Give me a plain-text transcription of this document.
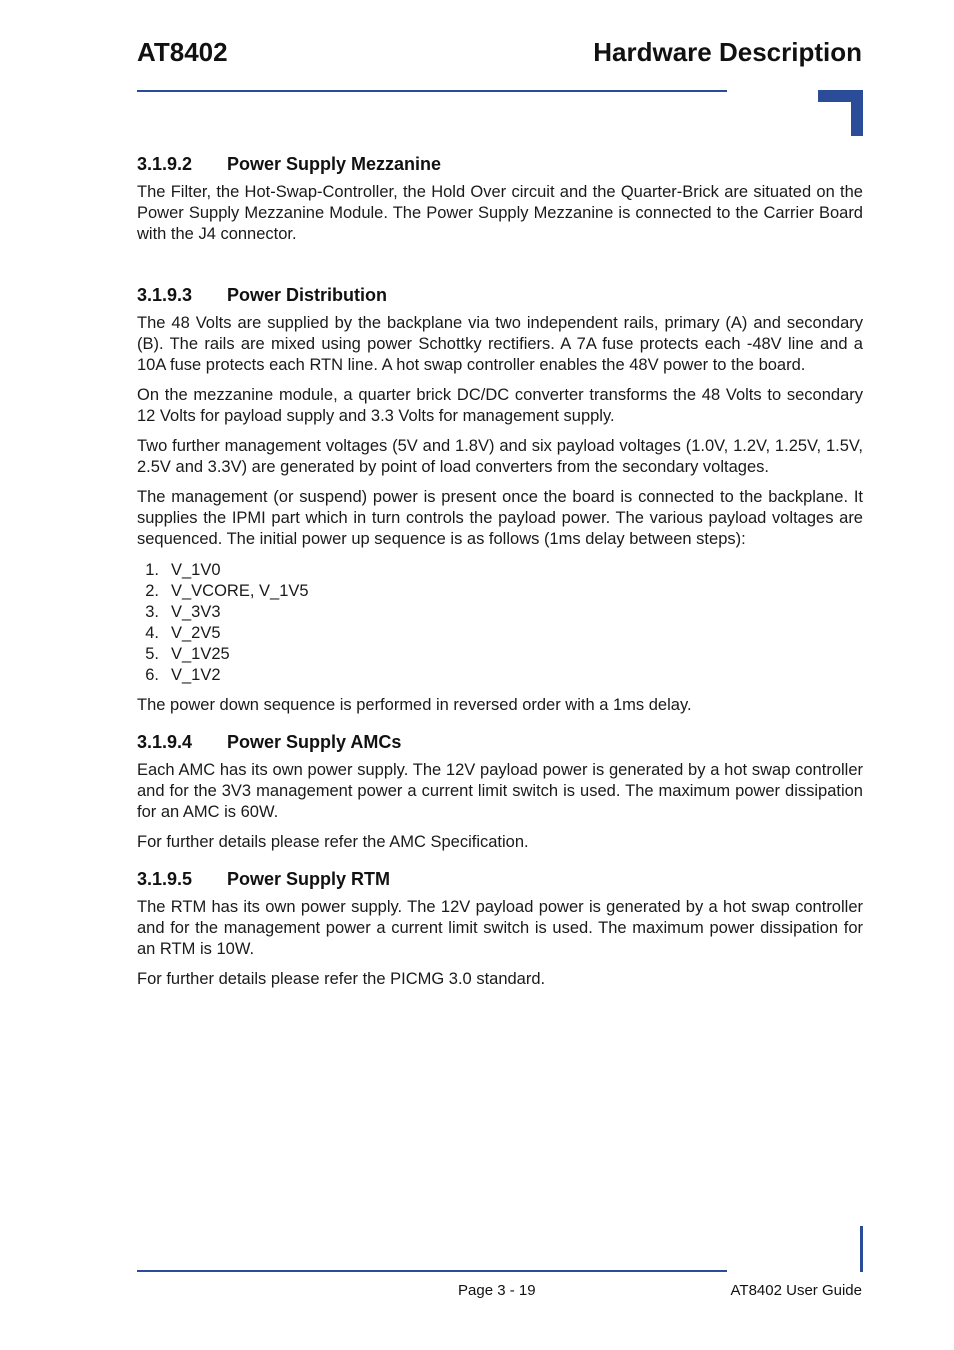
AT8402	Hardware Description
3.1.9.2 Power Supply Mezzanine

The Filter, the Hot-Swap-Controller, the Hold Over circuit and the Quarter-Brick are situated on the Power Supply Mezzanine Module. The Power Supply Mezzanine is connected to the Carrier Board with the J4 connector.

3.1.9.3 Power Distribution

The 48 Volts are supplied by the backplane via two independent rails, primary (A) and secondary (B). The rails are mixed using power Schottky rectifiers. A 7A fuse protects each -48V line and a 10A fuse protects each RTN line. A hot swap controller enables the 48V power to the board.

On the mezzanine module, a quarter brick DC/DC converter transforms the 48 Volts to secondary 12 Volts for payload supply and 3.3 Volts for management supply.

Two further management voltages (5V and 1.8V) and six payload voltages (1.0V, 1.2V, 1.25V, 1.5V, 2.5V and 3.3V) are generated by point of load converters from the secondary voltages.

The management (or suspend) power is present once the board is connected to the backplane. It supplies the IPMI part which in turn controls the payload power. The various payload voltages are sequenced. The initial power up sequence is as follows (1ms delay between steps):

1. V_1V0
2. V_VCORE, V_1V5
3. V_3V3
4. V_2V5
5. V_1V25
6. V_1V2

The power down sequence is performed in reversed order with a 1ms delay.

3.1.9.4 Power Supply AMCs

Each AMC has its own power supply. The 12V payload power is generated by a hot swap controller and for the 3V3 management power a current limit switch is used. The maximum power dissipation for an AMC is 60W.

For further details please refer the AMC Specification.

3.1.9.5 Power Supply RTM

The RTM has its own power supply. The 12V payload power is generated by a hot swap controller and for the management power a current limit switch is used. The maximum power dissipation for an RTM is 10W.

For further details please refer the PICMG 3.0 standard.

Page 3 - 19	AT8402 User Guide
